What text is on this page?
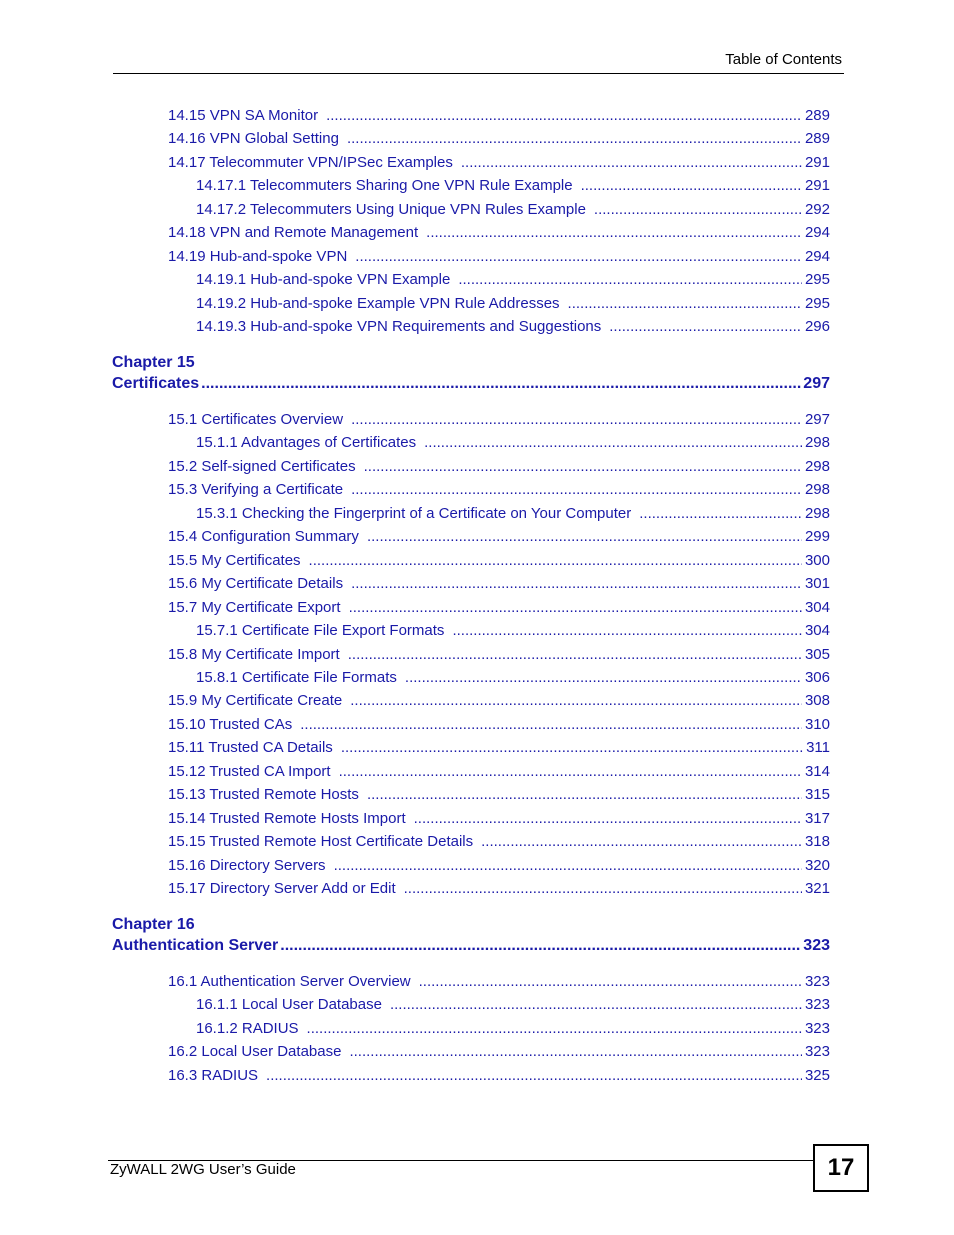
Table of Contents
14.15 VPN SA Monitor .....	289
14.16 VPN Global Setting .....	289
14.17 Telecommuter VPN/IPSec Examples .....	291
14.17.1 Telecommuters Sharing One VPN Rule Example .....	291
14.17.2 Telecommuters Using Unique VPN Rules Example .....	292
14.18 VPN and Remote Management .....	294
14.19 Hub-and-spoke VPN .....	294
14.19.1 Hub-and-spoke VPN Example .....	295
14.19.2 Hub-and-spoke Example VPN Rule Addresses .....	295
14.19.3 Hub-and-spoke VPN Requirements and Suggestions .....	296
Chapter 15
Certificates .....	297
15.1 Certificates Overview .....	297
15.1.1 Advantages of Certificates .....	298
15.2 Self-signed Certificates .....	298
15.3 Verifying a Certificate .....	298
15.3.1 Checking the Fingerprint of a Certificate on Your Computer .....	298
15.4 Configuration Summary .....	299
15.5 My Certificates .....	300
15.6 My Certificate Details .....	301
15.7 My Certificate Export .....	304
15.7.1 Certificate File Export Formats .....	304
15.8 My Certificate Import .....	305
15.8.1 Certificate File Formats .....	306
15.9 My Certificate Create .....	308
15.10 Trusted CAs .....	310
15.11 Trusted CA Details .....	311
15.12 Trusted CA Import .....	314
15.13 Trusted Remote Hosts .....	315
15.14 Trusted Remote Hosts Import .....	317
15.15 Trusted Remote Host Certificate Details .....	318
15.16 Directory Servers .....	320
15.17 Directory Server Add or Edit .....	321
Chapter 16
Authentication Server .....	323
16.1 Authentication Server Overview .....	323
16.1.1 Local User Database .....	323
16.1.2 RADIUS .....	323
16.2 Local User Database .....	323
16.3 RADIUS .....	325
ZyWALL 2WG User’s Guide	17
